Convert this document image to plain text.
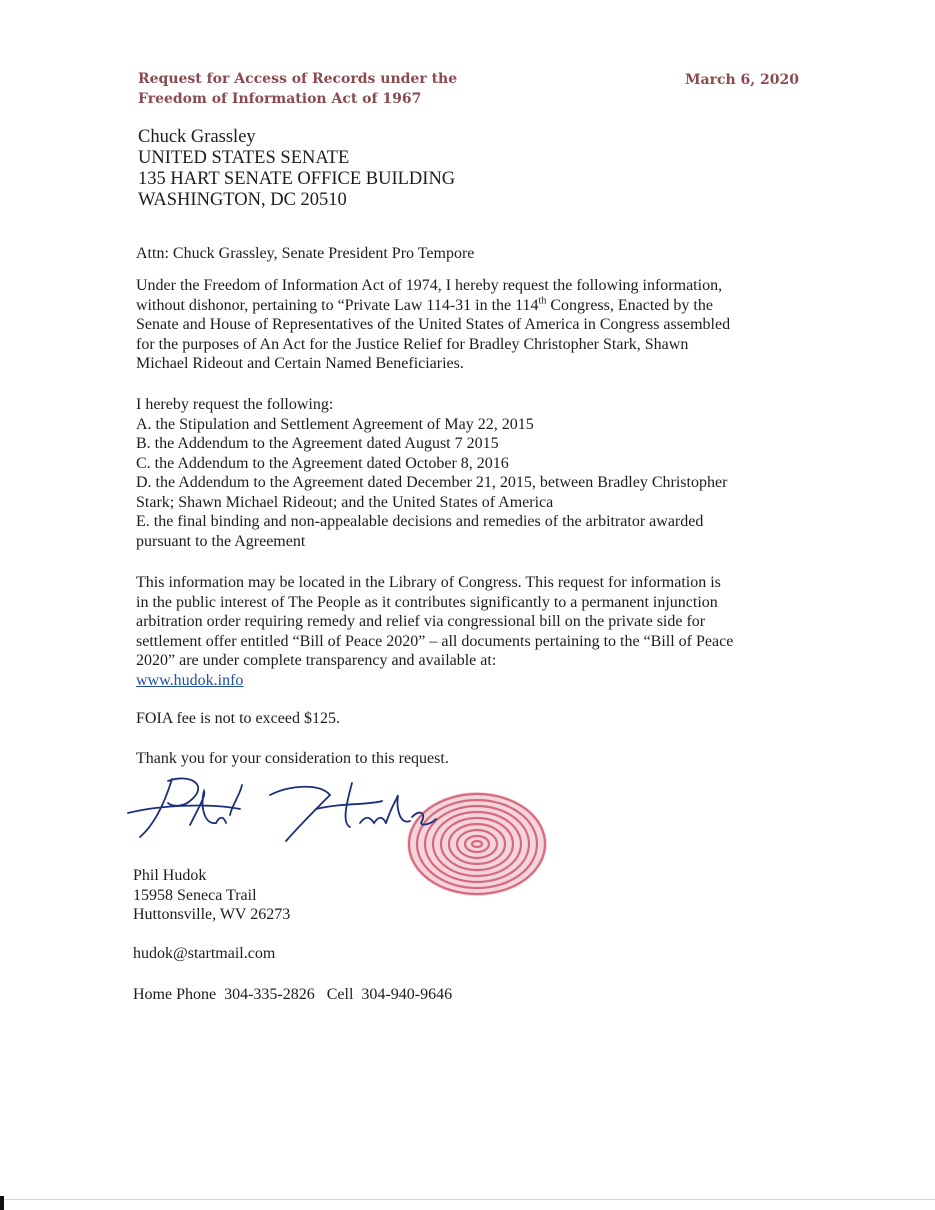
Request for Access of Records under the
Freedom of Information Act of 1967
March 6, 2020
Chuck Grassley
UNITED STATES SENATE
135 HART SENATE OFFICE BUILDING
WASHINGTON, DC 20510
Attn: Chuck Grassley, Senate President Pro Tempore
Under the Freedom of Information Act of 1974, I hereby request the following information,
without dishonor, pertaining to “Private Law 114-31 in the 114th Congress, Enacted by the
Senate and House of Representatives of the United States of America in Congress assembled
for the purposes of An Act for the Justice Relief for Bradley Christopher Stark, Shawn
Michael Rideout and Certain Named Beneficiaries.
I hereby request the following:
A. the Stipulation and Settlement Agreement of May 22, 2015
B. the Addendum to the Agreement dated August 7 2015
C. the Addendum to the Agreement dated October 8, 2016
D. the Addendum to the Agreement dated December 21, 2015, between Bradley Christopher
Stark; Shawn Michael Rideout; and the United States of America
E. the final binding and non-appealable decisions and remedies of the arbitrator awarded
pursuant to the Agreement
This information may be located in the Library of Congress. This request for information is
in the public interest of The People as it contributes significantly to a permanent injunction
arbitration order requiring remedy and relief via congressional bill on the private side for
settlement offer entitled “Bill of Peace 2020” – all documents pertaining to the “Bill of Peace
2020” are under complete transparency and available at:
www.hudok.info
FOIA fee is not to exceed $125.
Thank you for your consideration to this request.
Phil Hudok
15958 Seneca Trail
Huttonsville, WV 26273
hudok@startmail.com
Home Phone  304-335-2826   Cell  304-940-9646
